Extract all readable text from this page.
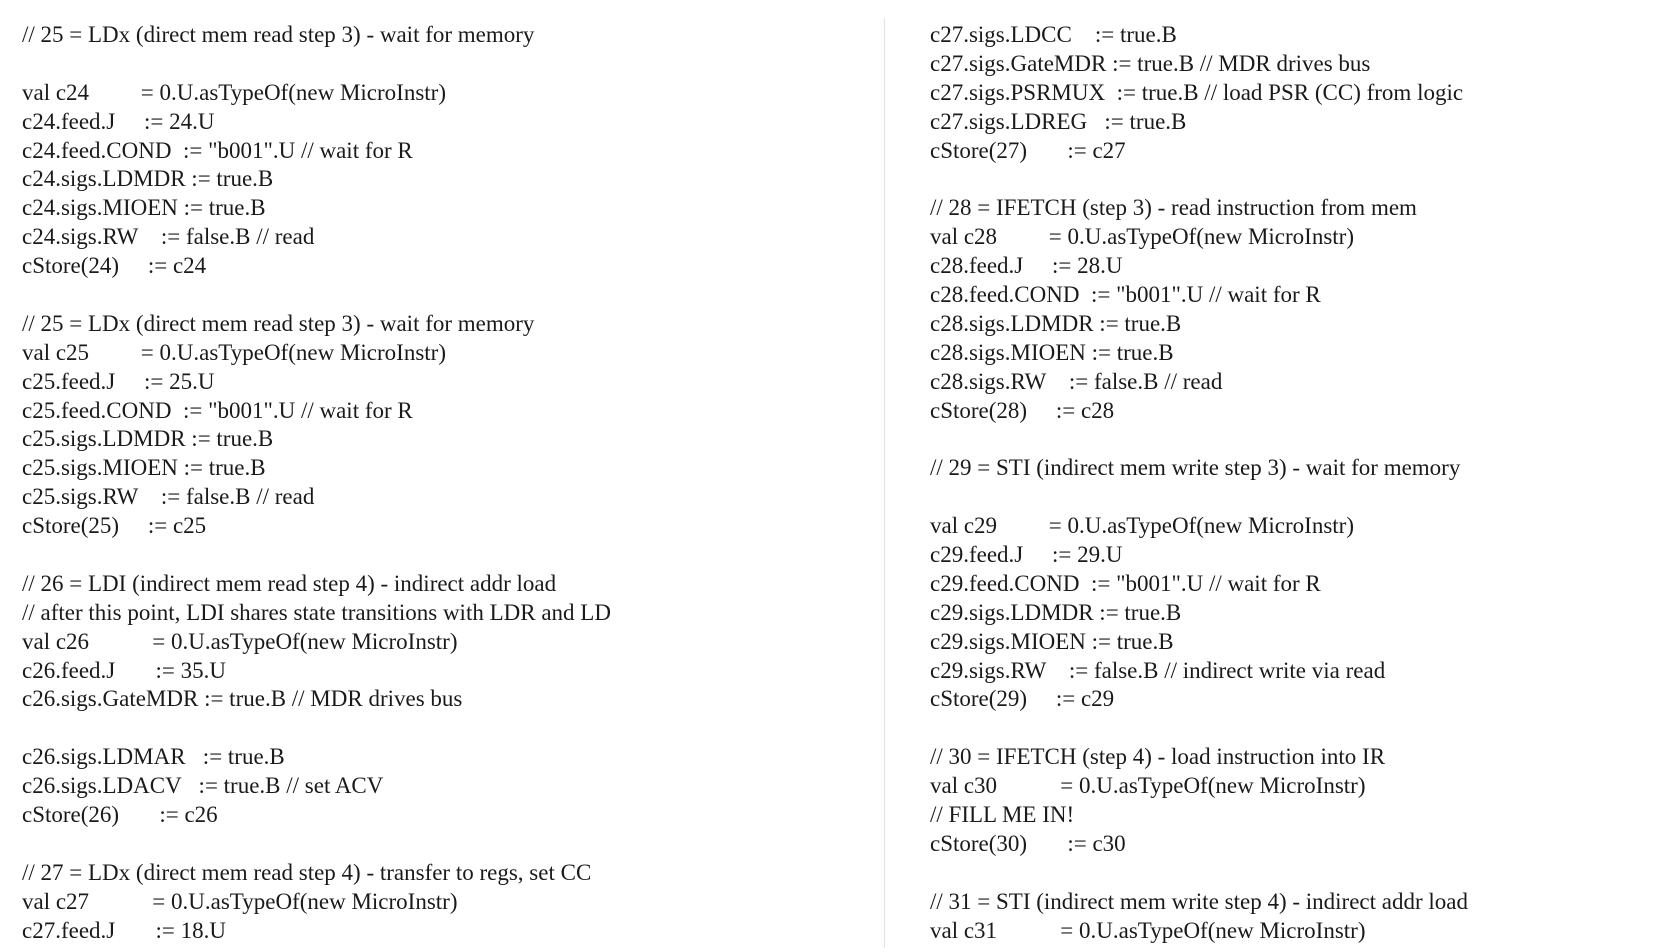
// 25 = LDx (direct mem read step 3) - wait for memory
val c24         = 0.U.asTypeOf(new MicroInstr)
c24.feed.J     := 24.U
c24.feed.COND  := "b001".U // wait for R
c24.sigs.LDMDR := true.B
c24.sigs.MIOEN := true.B
c24.sigs.RW    := false.B // read
cStore(24)     := c24
// 25 = LDx (direct mem read step 3) - wait for memory
val c25         = 0.U.asTypeOf(new MicroInstr)
c25.feed.J     := 25.U
c25.feed.COND  := "b001".U // wait for R
c25.sigs.LDMDR := true.B
c25.sigs.MIOEN := true.B
c25.sigs.RW    := false.B // read
cStore(25)     := c25
// 26 = LDI (indirect mem read step 4) - indirect addr load
// after this point, LDI shares state transitions with LDR and LD
val c26           = 0.U.asTypeOf(new MicroInstr)
c26.feed.J       := 35.U
c26.sigs.GateMDR := true.B // MDR drives bus
c26.sigs.LDMAR   := true.B
c26.sigs.LDACV   := true.B // set ACV
cStore(26)       := c26
// 27 = LDx (direct mem read step 4) - transfer to regs, set CC
val c27           = 0.U.asTypeOf(new MicroInstr)
c27.feed.J       := 18.U
c27.sigs.LDCC    := true.B
c27.sigs.GateMDR := true.B // MDR drives bus
c27.sigs.PSRMUX  := true.B // load PSR (CC) from logic
c27.sigs.LDREG   := true.B
cStore(27)       := c27
// 28 = IFETCH (step 3) - read instruction from mem
val c28         = 0.U.asTypeOf(new MicroInstr)
c28.feed.J     := 28.U
c28.feed.COND  := "b001".U // wait for R
c28.sigs.LDMDR := true.B
c28.sigs.MIOEN := true.B
c28.sigs.RW    := false.B // read
cStore(28)     := c28
// 29 = STI (indirect mem write step 3) - wait for memory
val c29         = 0.U.asTypeOf(new MicroInstr)
c29.feed.J     := 29.U
c29.feed.COND  := "b001".U // wait for R
c29.sigs.LDMDR := true.B
c29.sigs.MIOEN := true.B
c29.sigs.RW    := false.B // indirect write via read
cStore(29)     := c29
// 30 = IFETCH (step 4) - load instruction into IR
val c30           = 0.U.asTypeOf(new MicroInstr)
// FILL ME IN!
cStore(30)       := c30
// 31 = STI (indirect mem write step 4) - indirect addr load
val c31           = 0.U.asTypeOf(new MicroInstr)
